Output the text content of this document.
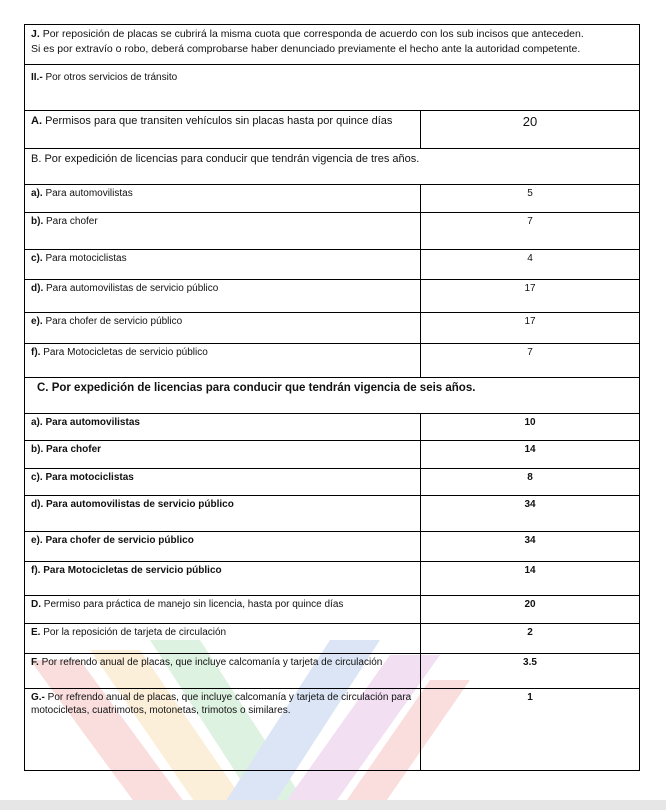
J. Por reposición de placas se cubrirá la misma cuota que corresponda de acuerdo con los sub incisos que anteceden.
Si es por extravío o robo, deberá comprobarse haber denunciado previamente el hecho ante la autoridad competente.	
II.- Por otros servicios de tránsito	
A. Permisos para que transiten vehículos sin placas hasta por quince días	20
B. Por expedición de licencias para conducir que tendrán vigencia de tres años.	
a). Para automovilistas	5
b). Para chofer	7
c). Para motociclistas	4
d). Para automovilistas de servicio público	17
e). Para chofer de servicio público	17
f). Para Motocicletas de servicio público	7
C. Por expedición de licencias para conducir que tendrán vigencia de seis años.	
a). Para automovilistas	10
b). Para chofer	14
c). Para motociclistas	8
d). Para automovilistas de servicio público	34
e). Para chofer de servicio público	34
f). Para Motocicletas de servicio público	14
D. Permiso para práctica de manejo sin licencia, hasta por quince días	20
E. Por la reposición de tarjeta de circulación	2
F. Por refrendo anual de placas, que incluye calcomanía y tarjeta de circulación	3.5
G.- Por refrendo anual de placas, que incluye calcomanía y tarjeta de circulación para motocicletas, cuatrimotos, motonetas, trimotos o similares.	1
